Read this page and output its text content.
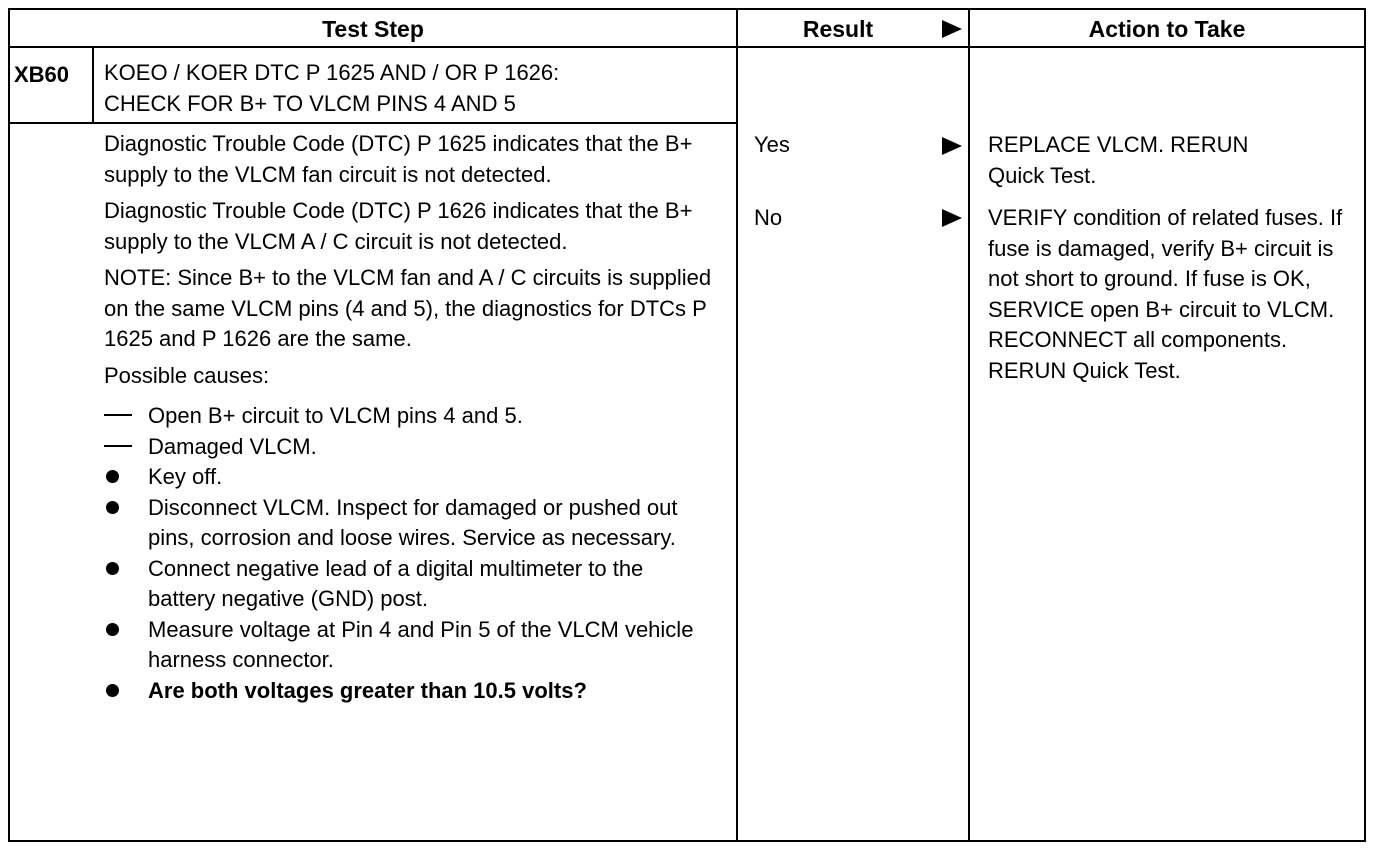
Test Step	Result	Action to Take
XB60 KOEO / KOER DTC P 1625 AND / OR P 1626:
CHECK FOR B+ TO VLCM PINS 4 AND 5

Diagnostic Trouble Code (DTC) P 1625 indicates that the B+ supply to the VLCM fan circuit is not detected.

Diagnostic Trouble Code (DTC) P 1626 indicates that the B+ supply to the VLCM A / C circuit is not detected.

NOTE: Since B+ to the VLCM fan and A / C circuits is supplied on the same VLCM pins (4 and 5), the diagnostics for DTCs P 1625 and P 1626 are the same.

Possible causes:

Open B+ circuit to VLCM pins 4 and 5.
Damaged VLCM.
Key off.
Disconnect VLCM. Inspect for damaged or pushed out pins, corrosion and loose wires. Service as necessary.
Connect negative lead of a digital multimeter to the battery negative (GND) post.
Measure voltage at Pin 4 and Pin 5 of the VLCM vehicle harness connector.
Are both voltages greater than 10.5 volts?
Yes	REPLACE VLCM. RERUN Quick Test.
No	VERIFY condition of related fuses. If fuse is damaged, verify B+ circuit is not short to ground. If fuse is OK, SERVICE open B+ circuit to VLCM. RECONNECT all components. RERUN Quick Test.
